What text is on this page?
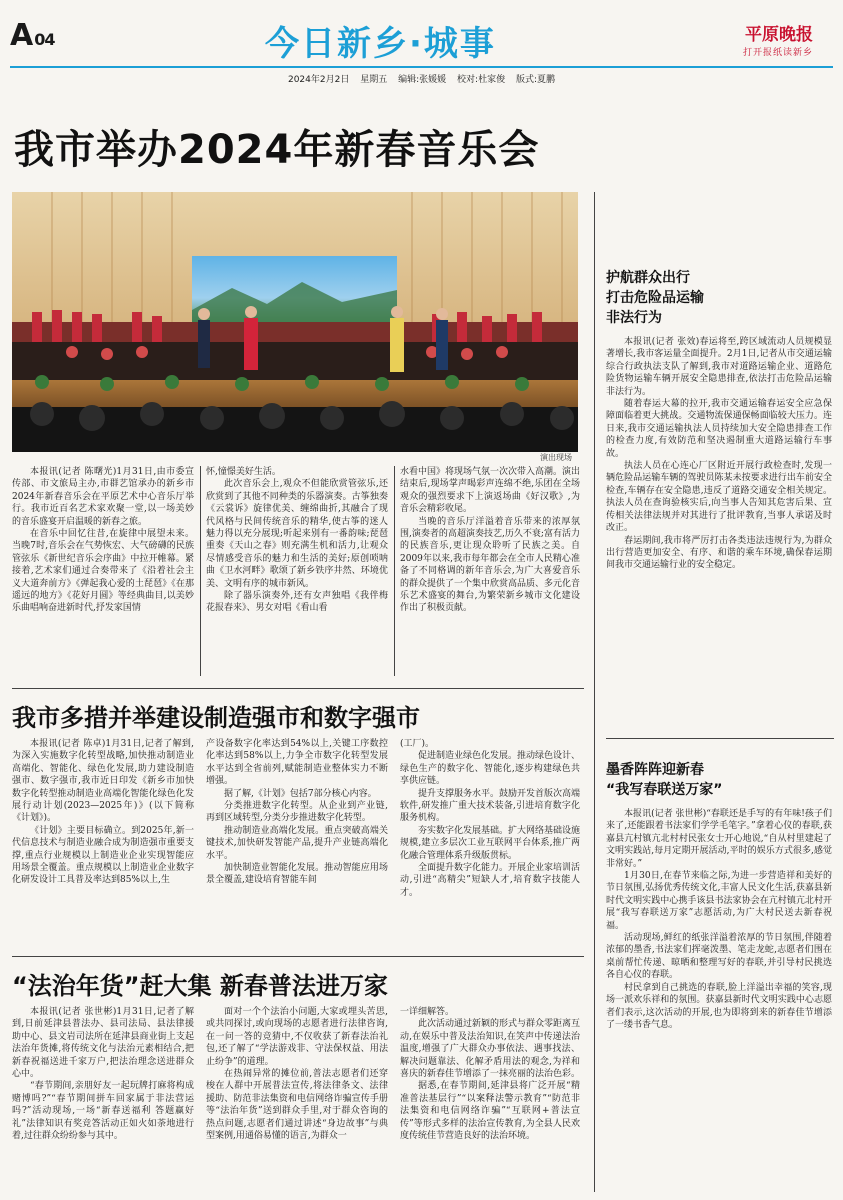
A 04	今日新乡·城事	平原晚报
打开报纸读新乡
2024年2月2日 星期五 编辑:张媛媛 校对:杜家俊 版式:夏鹏
我市举办2024年新春音乐会
演出现场

本报讯(记者 陈曙光)1月31日,由市委宣传部、市文旅局主办,市群艺馆承办的新乡市2024年新春音乐会在平原艺术中心音乐厅举行。我市近百名艺术家欢聚一堂,以一场美妙的音乐盛宴开启温暖的新春之旅。

在音乐中回忆往昔,在旋律中展望未来。当晚7时,音乐会在气势恢宏、大气磅礴的民族管弦乐《新世纪音乐会序曲》中拉开帷幕。紧接着,艺术家们通过合奏带来了《沿着社会主义大道奔前方》《弹起我心爱的土琵琶》《在那遥远的地方》《花好月圆》等经典曲目,以美妙乐曲唱响奋进新时代,抒发家国情

怀,憧憬美好生活。

此次音乐会上,观众不但能欣赏管弦乐,还欣赏到了其他不同种类的乐器演奏。古筝独奏《云裳诉》旋律优美、缠绵曲折,其融合了现代风格与民间传统音乐的精华,使古筝的迷人魅力得以充分展现;听起来别有一番韵味;琵琶重奏《天山之春》则充满生机和活力,让观众尽情感受音乐的魅力和生活的美好;原创唢呐曲《卫水河畔》歌颂了新乡铁序井然、环境优美、文明有序的城市新风。

除了器乐演奏外,还有女声独唱《我伴梅花报春来》、男女对唱《看山看

水看中国》将现场气氛一次次带入高潮。演出结束后,现场掌声喝彩声连绵不绝,乐团在全场观众的强烈要求下上演返场曲《好汉歌》,为音乐会精彩收尾。

当晚的音乐厅洋溢着音乐带来的浓厚氛围,演奏者的高超演奏技艺,历久不衰;富有活力的民族音乐,更让现众聆听了民族之美。自2009年以来,我市每年都会在全市人民精心准备了不同格调的新年音乐会,为广大喜爱音乐的群众提供了一个集中欣赏高品质、多元化音乐艺术盛宴的舞台,为繁荣新乡城市文化建设作出了积极贡献。

我市多措并举建设制造强市和数字强市

本报讯(记者 陈卓)1月31日,记者了解到,为深入实施数字化转型战略,加快推动制造业高端化、智能化、绿色化发展,助力建设制造强市、数字强市,我市近日印发《新乡市加快数字化转型推动制造业高端化智能化绿色化发展行动计划(2023—2025年)》(以下简称《计划》)。

《计划》主要目标确立。到2025年,新一代信息技术与制造业融合成为制造强市重要支撑,重点行业规模以上制造业企业实现智能应用场景全覆盖。重点规模以上制造业企业数字化研发设计工具普及率达到85%以上,生

产设备数字化率达到54%以上,关键工序数控化率达到58%以上,力争全市数字化转型发展水平达到全省前列,赋能制造业整体实力不断增强。

据了解,《计划》包括7部分核心内容。

分类推进数字化转型。从企业到产业链,再到区域转型,分类分步推进数字化转型。

推动制造业高端化发展。重点突破高端关键技术,加快研发智能产品,提升产业链高端化水平。

加快制造业智能化发展。推动智能应用场景全覆盖,建设培育智能车间

(工厂)。

促进制造业绿色化发展。推动绿色设计、绿色生产的数字化、智能化,逐步构建绿色共享供应链。

提升支撑服务水平。鼓励开发首版次高端软件,研发推广重大技术装备,引进培育数字化服务机构。

夯实数字化发展基础。扩大网络基础设施规模,建立多层次工业互联网平台体系,推广两化融合管理体系升级版贯标。

全面提升数字化能力。开展企业家培训活动,引进“高精尖”短缺人才,培育数字技能人才。

“法治年货”赶大集 新春普法进万家

本报讯(记者 张世彬)1月31日,记者了解到,日前延津县普法办、县司法局、县法律援助中心、县文岩司法所在延津县商业街上支起法治年货摊,将传统文化与法治元素相结合,把新春祝福送进千家万户,把法治理念送进群众心中。

“春节期间,亲朋好友一起玩牌打麻将构成赌博吗?”“春节期间拼车回家属于非法营运吗?”活动现场,一场“新春送福利 答题赢好礼”法律知识有奖竞答活动正如火如荼地进行着,过往群众纷纷参与其中。

面对一个个法治小问题,大家或埋头苦思,或共同探讨,或向现场的志愿者进行法律咨询,在一问一答的竞猜中,不仅收获了新春法治礼包,还了解了“学法游戏非、守法保权益、用法止纷争”的道理。

在热闹异常的摊位前,普法志愿者们还穿梭在人群中开展普法宣传,将法律条文、法律援助、防范非法集资和电信网络诈骗宣传手册等“法治年货”送到群众手里,对于群众咨询的热点问题,志愿者们通过讲述“身边故事”与典型案例,用通俗易懂的语言,为群众一

一详细解答。

此次活动通过新颖的形式与群众零距离互动,在娱乐中普及法治知识,在笑声中传递法治温度,增强了广大群众办事依法、遇事找法、解决问题靠法、化解矛盾用法的观念,为祥和喜庆的新春佳节增添了一抹亮丽的法治色彩。

据悉,在春节期间,延津县将广泛开展“精准普法基层行”“以案释法警示教育”“防范非法集资和电信网络诈骗”“互联网+普法宣传”等形式多样的法治宣传教育,为全县人民欢度传统佳节营造良好的法治环境。

护航群众出行
打击危险品运输
非法行为

本报讯(记者 张效)春运将至,跨区域流动人员规模显著增长,我市客运量全面提升。2月1日,记者从市交通运输综合行政执法支队了解到,我市对道路运输企业、道路危险货物运输车辆开展安全隐患排查,依法打击危险品运输非法行为。

随着春运大幕的拉开,我市交通运输春运安全应急保障面临着更大挑战。交通物流保通保畅面临较大压力。连日来,我市交通运输执法人员持续加大安全隐患排查工作的检查力度,有效防范和坚决遏制重大道路运输行车事故。

执法人员在心连心厂区附近开展行政检查时,发现一辆危险品运输车辆的驾驶员陈某未按要求进行出车前安全检查,车辆存在安全隐患,违反了道路交通安全相关规定。执法人员在查询验核实后,向当事人告知其危害后果、宣传相关法律法规并对其进行了批评教育,当事人承诺及时改正。

春运期间,我市将严厉打击各类违法违规行为,为群众出行营造更加安全、有序、和谐的乘车环境,确保春运期间我市交通运输行业的安全稳定。

墨香阵阵迎新春
“我写春联送万家”

本报讯(记者 张世彬)“春联还是手写的有年味!孩子们来了,还能跟着书法家们学学毛笔字。”拿着心仪的春联,获嘉县亢村镇亢北村村民张女士开心地说,“自从村里建起了文明实践站,每月定期开展活动,平时的娱乐方式很多,感觉非常好。”

1月30日,在春节来临之际,为进一步营造祥和美好的节日氛围,弘扬优秀传统文化,丰富人民文化生活,获嘉县新时代文明实践中心携手该县书法家协会在亢村镇亢北村开展“我写春联送万家”志愿活动,为广大村民送去新春祝福。

活动现场,鲜红的纸张洋溢着浓厚的节日氛围,伴随着浓郁的墨香,书法家们挥毫泼墨、笔走龙蛇,志愿者们围在桌前帮忙传递、晾晒和整理写好的春联,并引导村民挑选各自心仪的春联。

村民拿到自己挑选的春联,脸上洋溢出幸福的笑容,现场一派欢乐祥和的氛围。获嘉县新时代文明实践中心志愿者们表示,这次活动的开展,也为即将到来的新春佳节增添了一缕书香气息。
